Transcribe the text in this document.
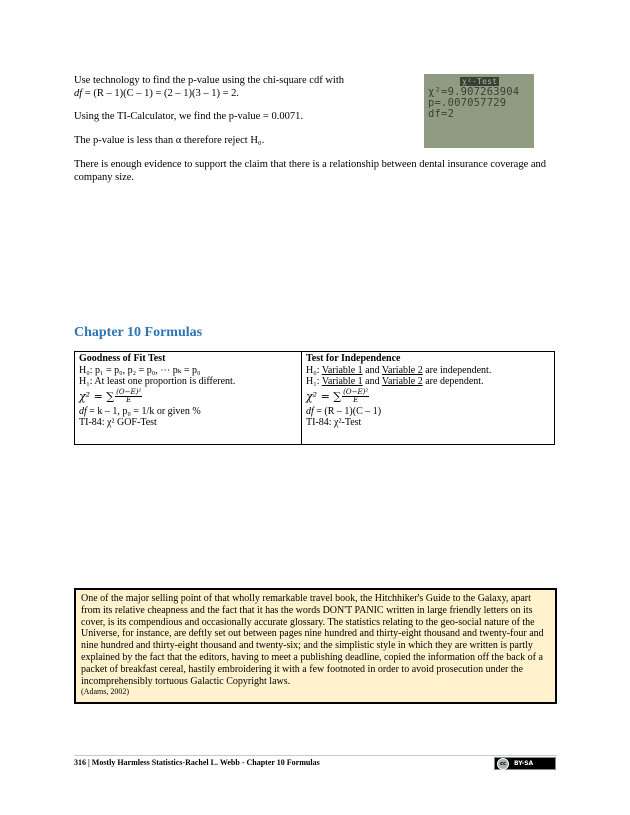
Use technology to find the p-value using the chi-square cdf with
df = (R – 1)(C – 1) = (2 – 1)(3 – 1) = 2.

Using the TI-Calculator, we find the p-value = 0.0071.

The p-value is less than α therefore reject H₀.

There is enough evidence to support the claim that there is a relationship between dental insurance coverage and company size.

χ²-Test
χ²=9.907263904
p=.007057729
df=2
Chapter 10 Formulas
Goodness of Fit Test
H₀: p₁ = p₀, p₂ = p₀, ⋯ pₖ = p₀
H₁: At least one proportion is different.
χ² = ∑ $\frac{\text{(O−E)²}}{E}$
df = k – 1, p₀ = 1/k or given %
TI-84: χ² GOF-Test
Test for Independence
H₀: Variable 1 and Variable 2 are independent.
H₁: Variable 1 and Variable 2 are dependent.
χ² = ∑ $\frac{\text{(O−E)²}}{E}$
df = (R – 1)(C – 1)
TI-84: χ²-Test
One of the major selling point of that wholly remarkable travel book, the Hitchhiker's Guide to the Galaxy, apart from its relative cheapness and the fact that it has the words DON'T PANIC written in large friendly letters on its cover, is its compendious and occasionally accurate glossary. The statistics relating to the geo-social nature of the Universe, for instance, are deftly set out between pages nine hundred and thirty-eight thousand and twenty-four and nine hundred and thirty-eight thousand and twenty-six; and the simplistic style in which they are written is partly explained by the fact that the editors, having to meet a publishing deadline, copied the information off the back of a packet of breakfast cereal, hastily embroidering it with a few footnoted in order to avoid prosecution under the incomprehensibly tortuous Galactic Copyright laws.
(Adams, 2002)
316 | Mostly Harmless Statistics-Rachel L. Webb - Chapter 10 Formulas	cc	BY-SA
